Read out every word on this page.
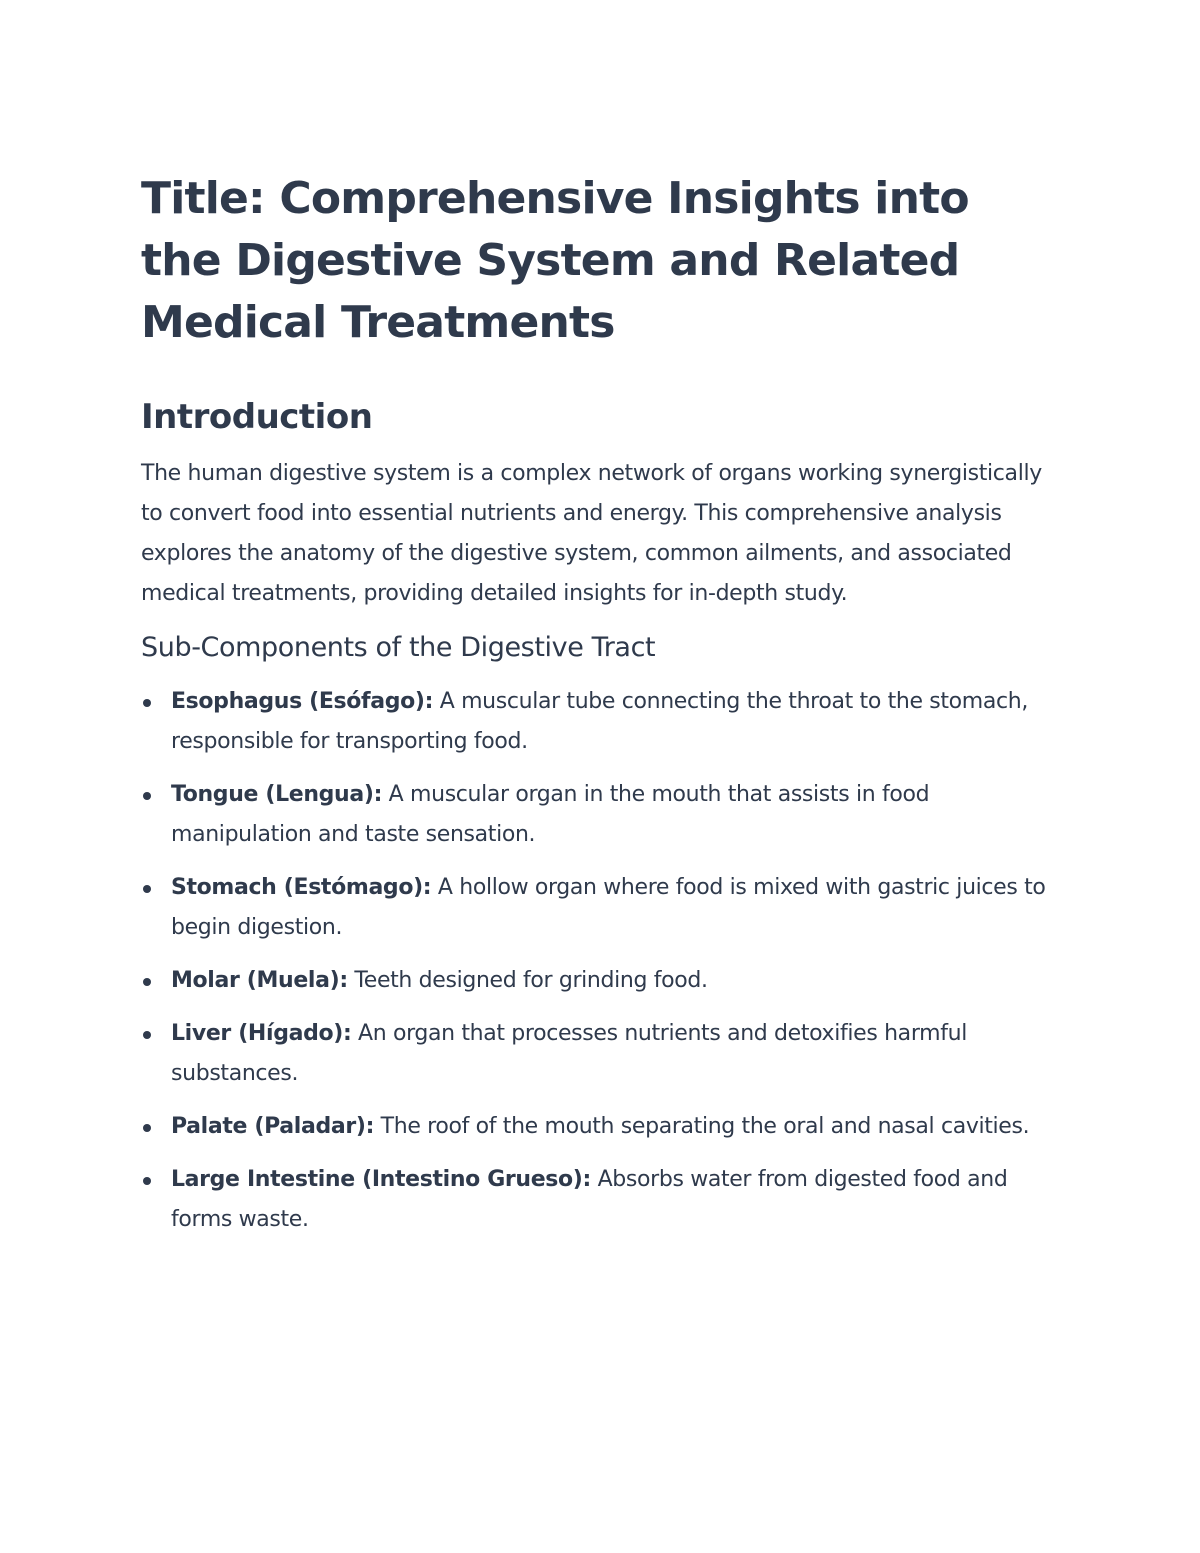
Title: Comprehensive Insights into the Digestive System and Related Medical Treatments
Introduction

The human digestive system is a complex network of organs working synergistically to convert food into essential nutrients and energy. This comprehensive analysis explores the anatomy of the digestive system, common ailments, and associated medical treatments, providing detailed insights for in-depth study.

Sub-Components of the Digestive Tract
Esophagus (Esófago): A muscular tube connecting the throat to the stomach, responsible for transporting food.
Tongue (Lengua): A muscular organ in the mouth that assists in food manipulation and taste sensation.
Stomach (Estómago): A hollow organ where food is mixed with gastric juices to begin digestion.
Molar (Muela): Teeth designed for grinding food.
Liver (Hígado): An organ that processes nutrients and detoxifies harmful substances.
Palate (Paladar): The roof of the mouth separating the oral and nasal cavities.
Large Intestine (Intestino Grueso): Absorbs water from digested food and forms waste.
